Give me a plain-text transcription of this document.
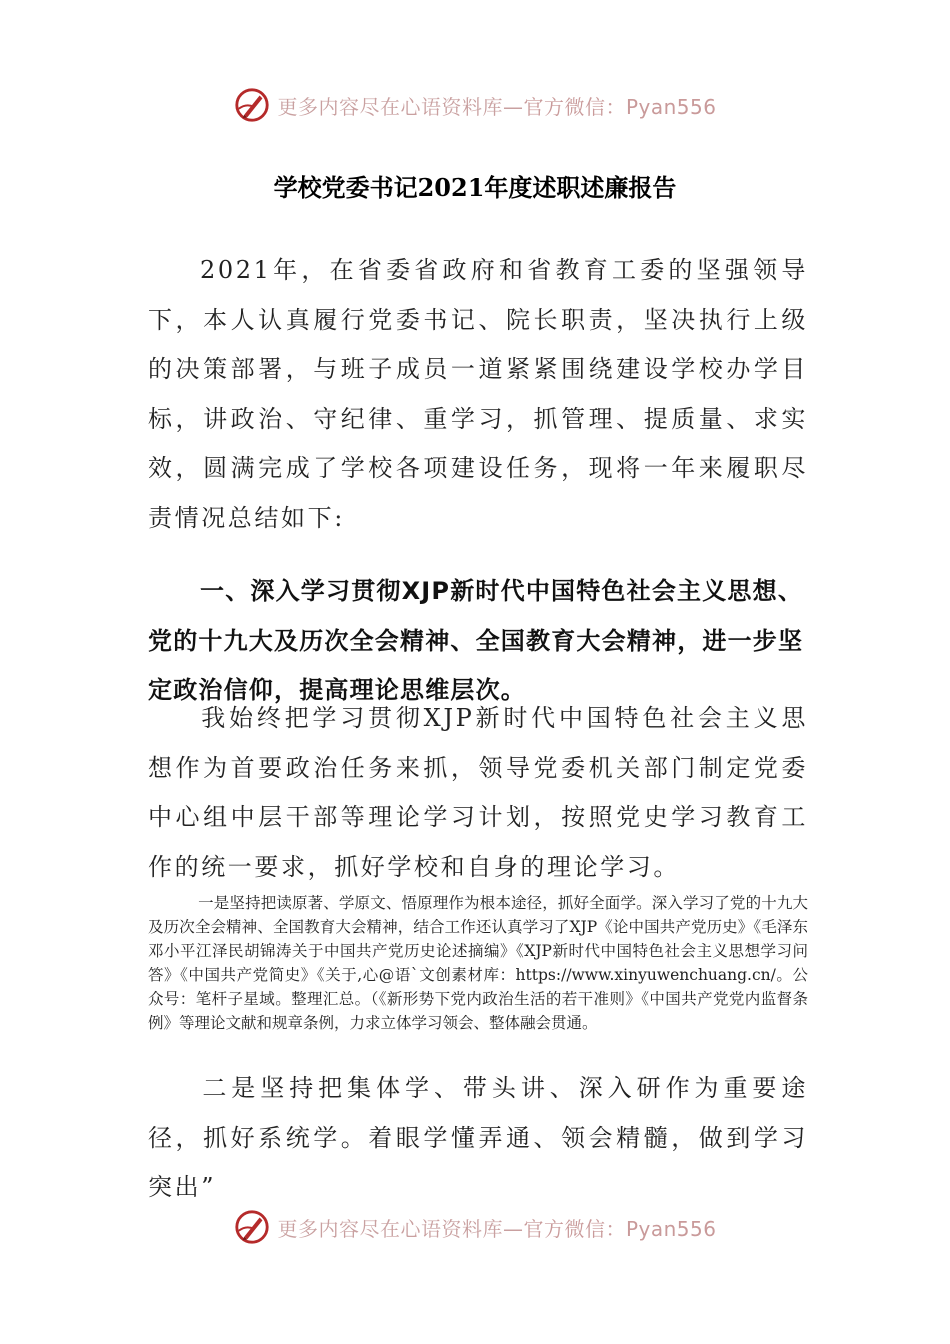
更多内容尽在心语资料库—官方微信：Pyan556
学校党委书记2021年度述职述廉报告
2021年，在省委省政府和省教育工委的坚强领导下，本人认真履行党委书记、院长职责，坚决执行上级的决策部署，与班子成员一道紧紧围绕建设学校办学目标，讲政治、守纪律、重学习，抓管理、提质量、求实效，圆满完成了学校各项建设任务，现将一年来履职尽责情况总结如下:
一、深入学习贯彻XJP新时代中国特色社会主义思想、党的十九大及历次全会精神、全国教育大会精神，进一步坚定政治信仰，提高理论思维层次。
我始终把学习贯彻XJP新时代中国特色社会主义思想作为首要政治任务来抓，领导党委机关部门制定党委中心组中层干部等理论学习计划，按照党史学习教育工作的统一要求，抓好学校和自身的理论学习。
一是坚持把读原著、学原文、悟原理作为根本途径，抓好全面学。深入学习了党的十九大及历次全会精神、全国教育大会精神，结合工作还认真学习了XJP《论中国共产党历史》《毛泽东邓小平江泽民胡锦涛关于中国共产党历史论述摘编》《XJP新时代中国特色社会主义思想学习问答》《中国共产党简史》《关于,心@语`文创素材库：https://www.xinyuwenchuang.cn/。公众号：笔杆子星域。整理汇总。（《新形势下党内政治生活的若干准则》《中国共产党党内监督条例》等理论文献和规章条例，力求立体学习领会、整体融会贯通。
二是坚持把集体学、带头讲、深入研作为重要途径，抓好系统学。着眼学懂弄通、领会精髓，做到学习突出”
更多内容尽在心语资料库—官方微信：Pyan556
